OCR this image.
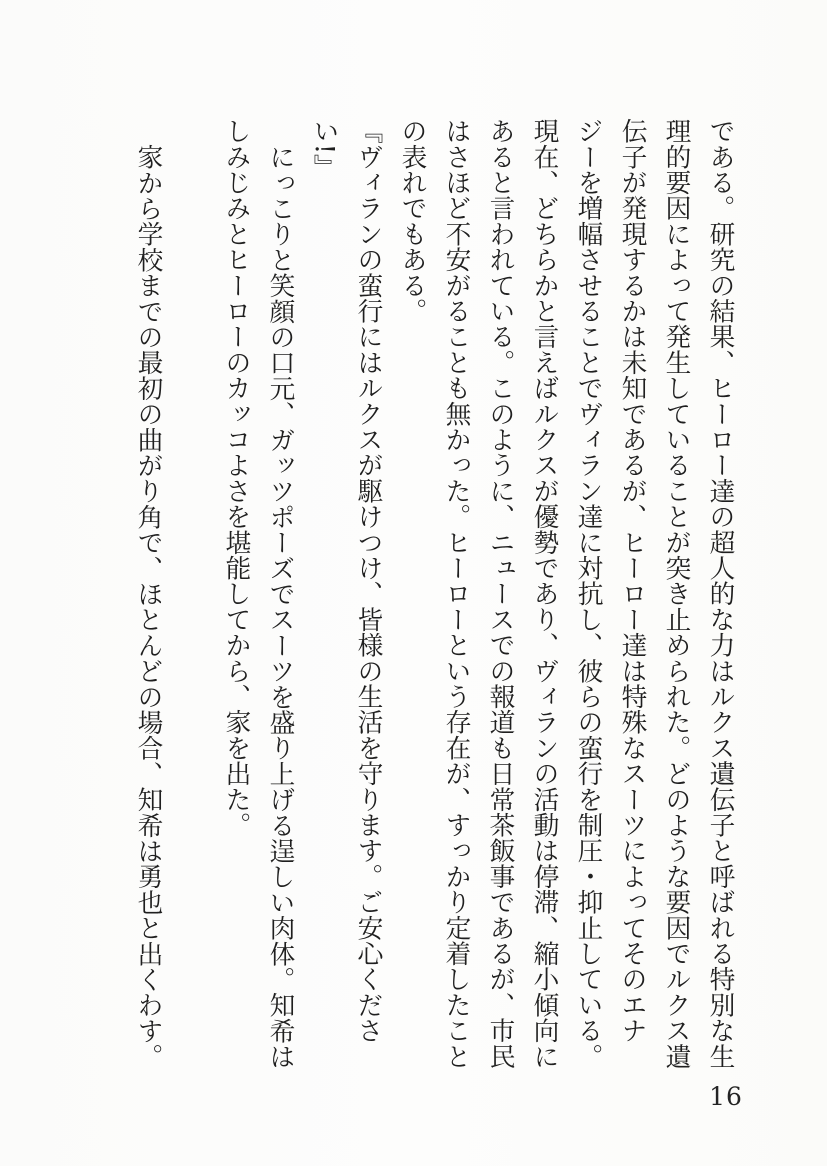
である。研究の結果、ヒーロー達の超人的な力はルクス遺伝子と呼ばれる特別な生理的要因によって発生していることが突き止められた。どのような要因でルクス遺伝子が発現するかは未知であるが、ヒーロー達は特殊なスーツによってそのエナジーを増幅させることでヴィラン達に対抗し、彼らの蛮行を制圧・抑止している。現在、どちらかと言えばルクスが優勢であり、ヴィランの活動は停滞、縮小傾向にあると言われている。このように、ニュースでの報道も日常茶飯事であるが、市民はさほど不安がることも無かった。ヒーローという存在が、すっかり定着したことの表れでもある。

『ヴィランの蛮行にはルクスが駆けつけ、皆様の生活を守ります。ご安心ください!』

にっこりと笑顔の口元、ガッツポーズでスーツを盛り上げる逞しい肉体。知希はしみじみとヒーローのカッコよさを堪能してから、家を出た。

家から学校までの最初の曲がり角で、ほとんどの場合、知希は勇也と出くわす。

16
